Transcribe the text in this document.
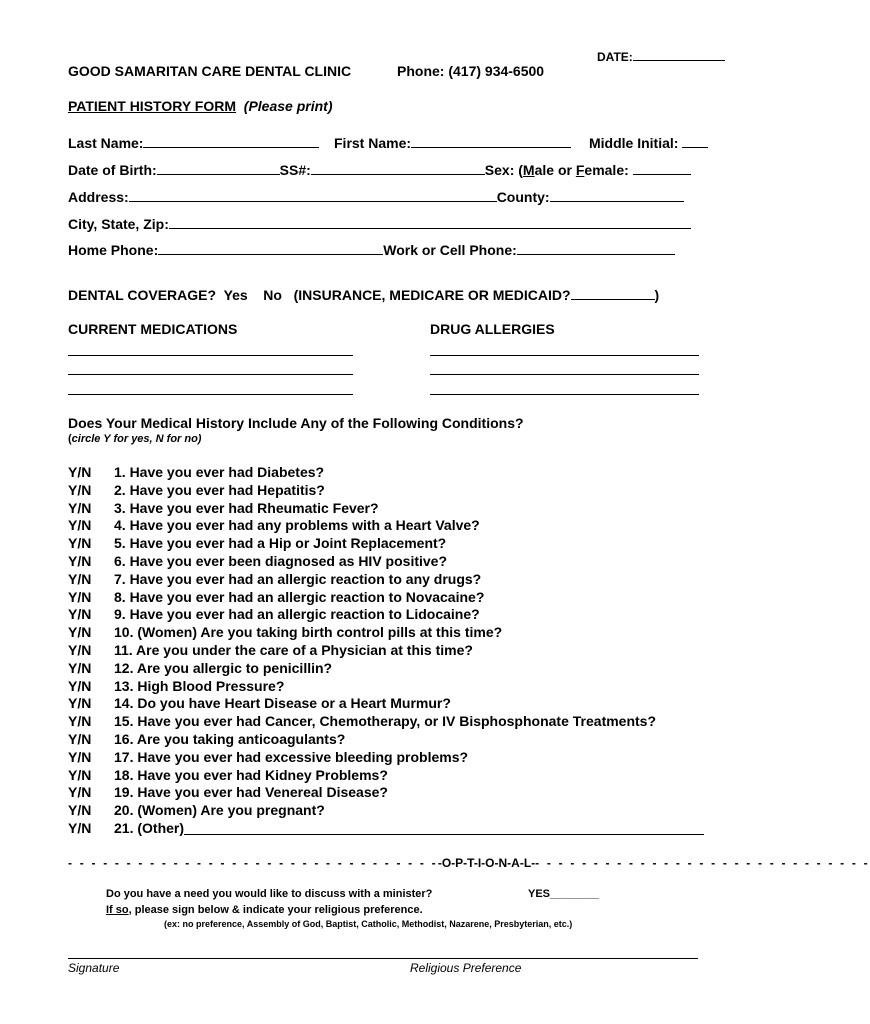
DATE:
GOOD SAMARITAN CARE DENTAL CLINIC	Phone: (417) 934-6500
PATIENT HISTORY FORM (Please print)
Last Name:	First Name:	Middle Initial:
Date of Birth:	SS#:	Sex: (Male or Female:
Address:	County:
City, State, Zip:
Home Phone:	Work or Cell Phone:
DENTAL COVERAGE? Yes No (INSURANCE, MEDICARE OR MEDICAID?	)
CURRENT MEDICATIONS	DRUG ALLERGIES
Does Your Medical History Include Any of the Following Conditions?
(circle Y for yes, N for no)
Y/N	1. Have you ever had Diabetes?
Y/N	2. Have you ever had Hepatitis?
Y/N	3. Have you ever had Rheumatic Fever?
Y/N	4. Have you ever had any problems with a Heart Valve?
Y/N	5. Have you ever had a Hip or Joint Replacement?
Y/N	6. Have you ever been diagnosed as HIV positive?
Y/N	7. Have you ever had an allergic reaction to any drugs?
Y/N	8. Have you ever had an allergic reaction to Novacaine?
Y/N	9. Have you ever had an allergic reaction to Lidocaine?
Y/N	10. (Women) Are you taking birth control pills at this time?
Y/N	11. Are you under the care of a Physician at this time?
Y/N	12. Are you allergic to penicillin?
Y/N	13. High Blood Pressure?
Y/N	14. Do you have Heart Disease or a Heart Murmur?
Y/N	15. Have you ever had Cancer, Chemotherapy, or IV Bisphosphonate Treatments?
Y/N	16. Are you taking anticoagulants?
Y/N	17. Have you ever had excessive bleeding problems?
Y/N	18. Have you ever had Kidney Problems?
Y/N	19. Have you ever had Venereal Disease?
Y/N	20. (Women) Are you pregnant?
Y/N	21. (Other)
- - - - - - - - - - - - - - - - - - - - - - - - - - - - - - - --O-P-T-I-O-N-A-L-- - - - - - - - - - - - - - - - - - - - - - - - - - - - -
Do you have a need you would like to discuss with a minister?	YES________
If so, please sign below & indicate your religious preference.
(ex: no preference, Assembly of God, Baptist, Catholic, Methodist, Nazarene, Presbyterian, etc.)
Signature	Religious Preference
